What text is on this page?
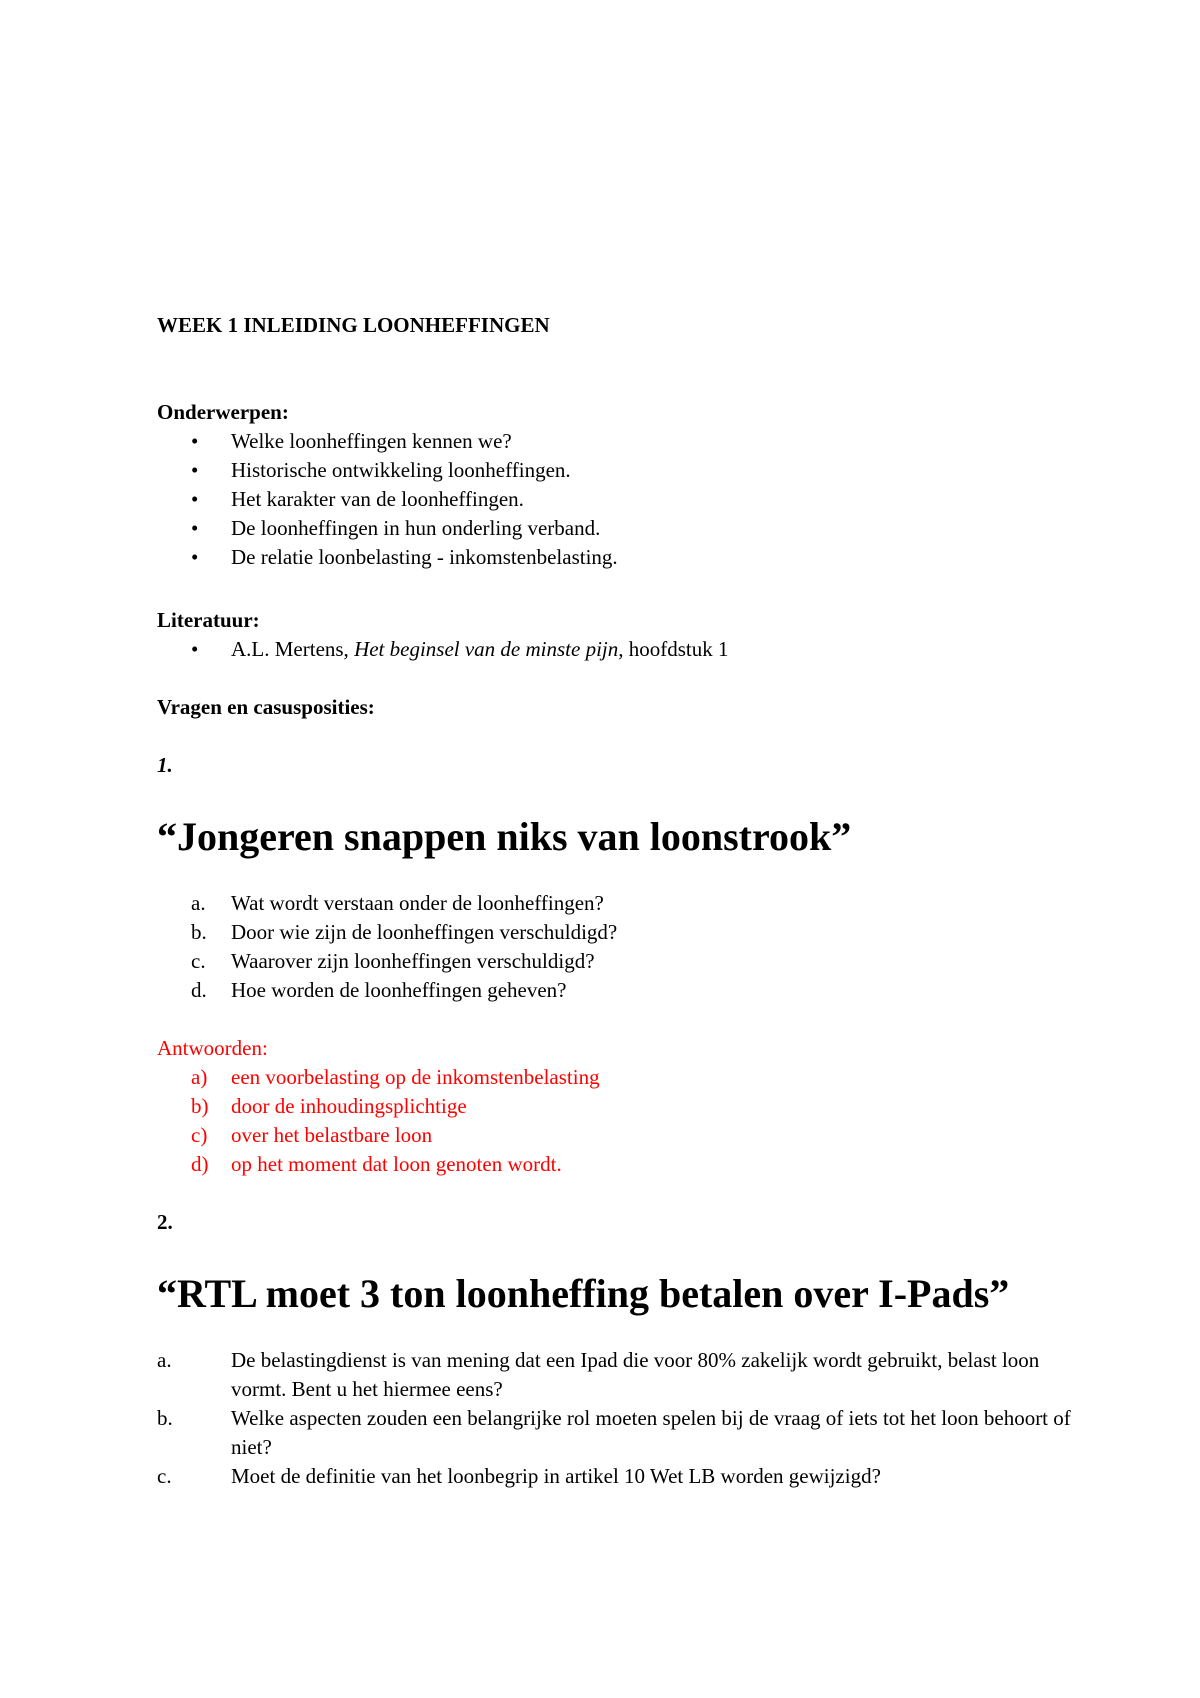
WEEK 1 INLEIDING LOONHEFFINGEN
Onderwerpen:
• Welke loonheffingen kennen we?
• Historische ontwikkeling loonheffingen.
• Het karakter van de loonheffingen.
• De loonheffingen in hun onderling verband.
• De relatie loonbelasting - inkomstenbelasting.
Literatuur:
• A.L. Mertens, Het beginsel van de minste pijn, hoofdstuk 1
Vragen en casusposities:
1.
“Jongeren snappen niks van loonstrook”
a. Wat wordt verstaan onder de loonheffingen?
b. Door wie zijn de loonheffingen verschuldigd?
c. Waarover zijn loonheffingen verschuldigd?
d. Hoe worden de loonheffingen geheven?
Antwoorden:
a) een voorbelasting op de inkomstenbelasting
b) door de inhoudingsplichtige
c) over het belastbare loon
d) op het moment dat loon genoten wordt.
2.
“RTL moet 3 ton loonheffing betalen over I-Pads”
a.	De belastingdienst is van mening dat een Ipad die voor 80% zakelijk wordt gebruikt, belast loon vormt. Bent u het hiermee eens?
b.	Welke aspecten zouden een belangrijke rol moeten spelen bij de vraag of iets tot het loon behoort of niet?
c.	Moet de definitie van het loonbegrip in artikel 10 Wet LB worden gewijzigd?
